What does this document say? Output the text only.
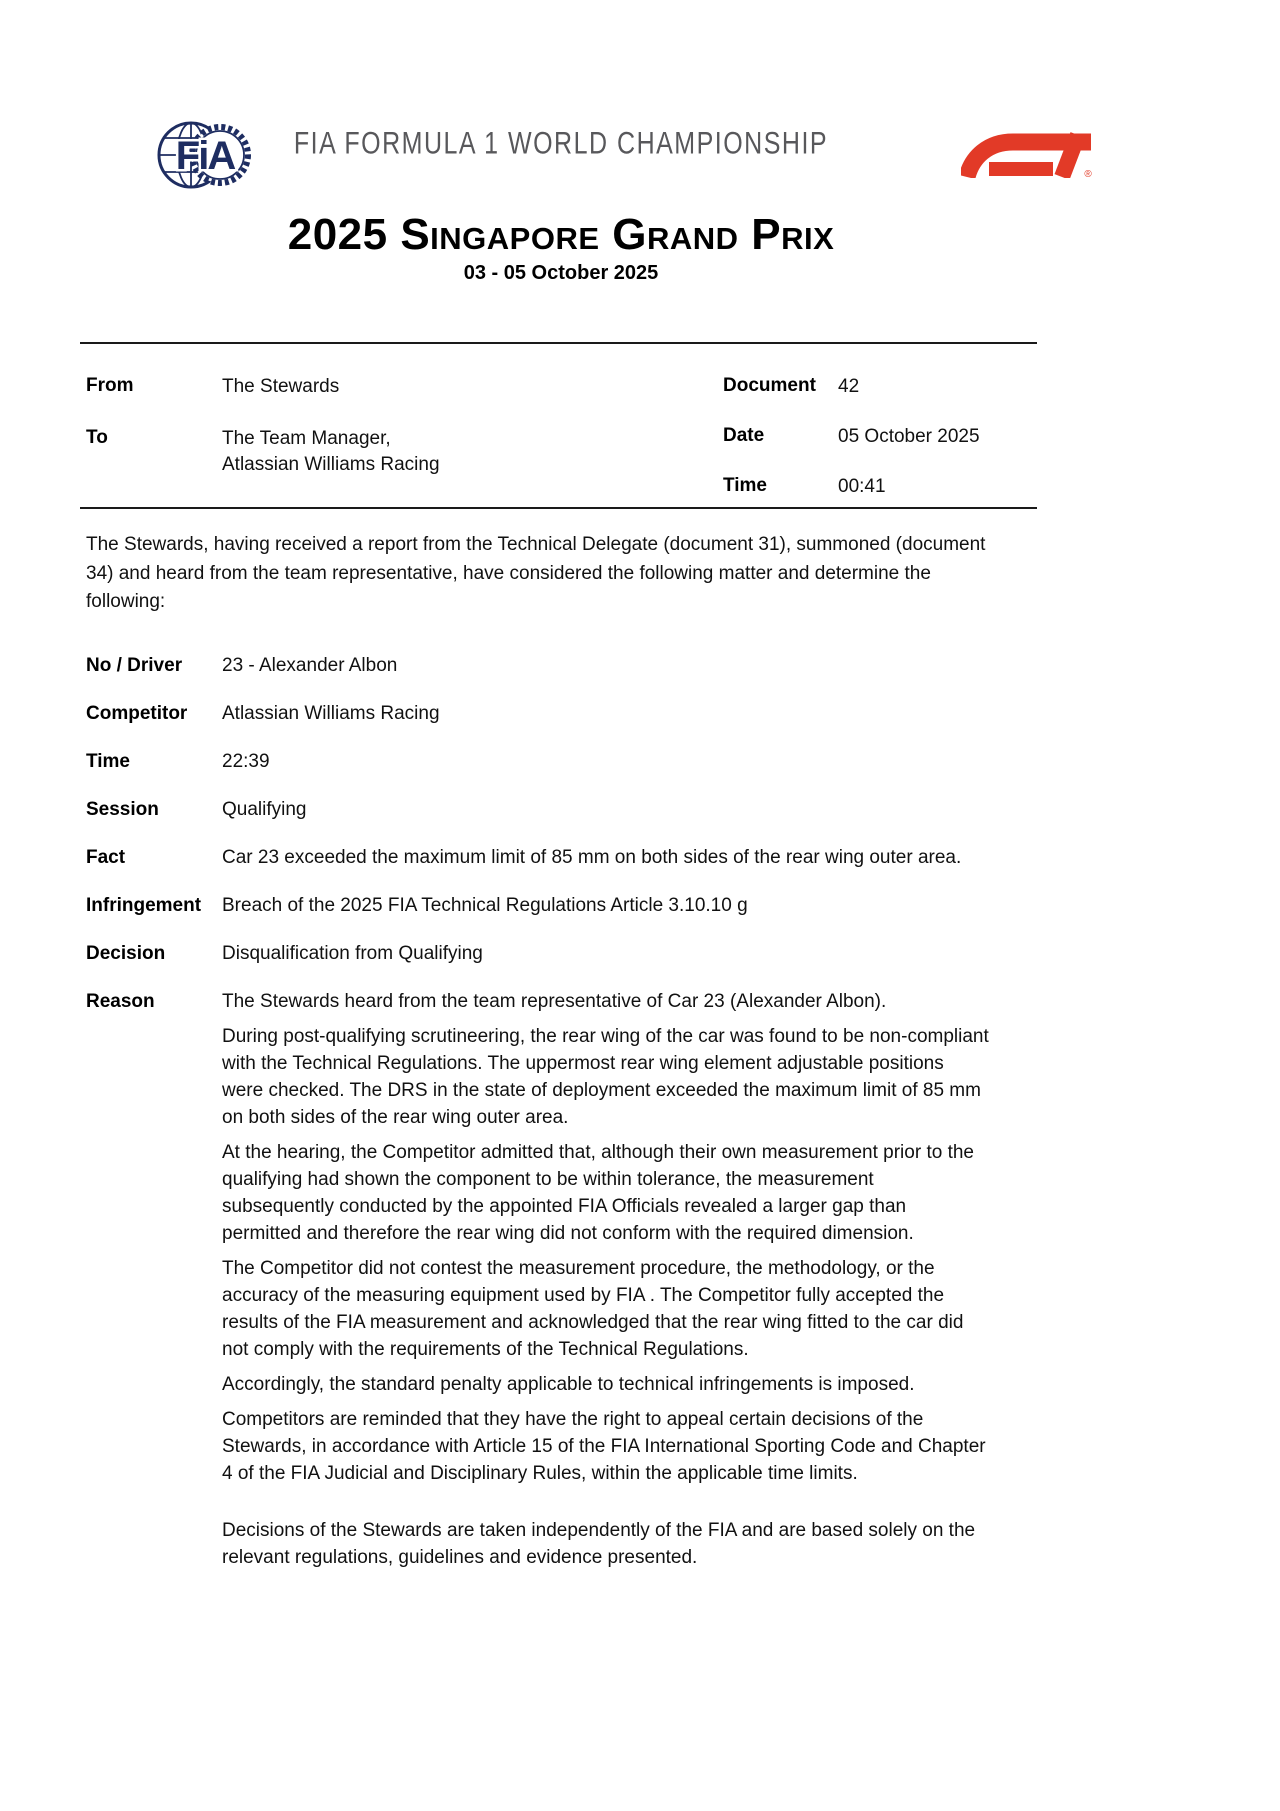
FiA	FIA FORMULA 1 WORLD CHAMPIONSHIP
®
2025 Singapore Grand Prix
03 - 05 October 2025
From	The Stewards
To	The Team Manager,
Atlassian Williams Racing
Document	42
Date	05 October 2025
Time	00:41

The Stewards, having received a report from the Technical Delegate (document 31), summoned (document 34) and heard from the team representative, have considered the following matter and determine the following:

No / Driver	23 - Alexander Albon
Competitor	Atlassian Williams Racing
Time	22:39
Session	Qualifying
Fact	Car 23 exceeded the maximum limit of 85 mm on both sides of the rear wing outer area.
Infringement	Breach of the 2025 FIA Technical Regulations Article 3.10.10 g
Decision	Disqualification from Qualifying
Reason	The Stewards heard from the team representative of Car 23 (Alexander Albon).

During post-qualifying scrutineering, the rear wing of the car was found to be non-compliant with the Technical Regulations. The uppermost rear wing element adjustable positions were checked. The DRS in the state of deployment exceeded the maximum limit of 85 mm on both sides of the rear wing outer area.

At the hearing, the Competitor admitted that, although their own measurement prior to the qualifying had shown the component to be within tolerance, the measurement subsequently conducted by the appointed FIA Officials revealed a larger gap than permitted and therefore the rear wing did not conform with the required dimension.

The Competitor did not contest the measurement procedure, the methodology, or the accuracy of the measuring equipment used by FIA . The Competitor fully accepted the results of the FIA measurement and acknowledged that the rear wing fitted to the car did not comply with the requirements of the Technical Regulations.

Accordingly, the standard penalty applicable to technical infringements is imposed.

Competitors are reminded that they have the right to appeal certain decisions of the Stewards, in accordance with Article 15 of the FIA International Sporting Code and Chapter 4 of the FIA Judicial and Disciplinary Rules, within the applicable time limits.

Decisions of the Stewards are taken independently of the FIA and are based solely on the relevant regulations, guidelines and evidence presented.
